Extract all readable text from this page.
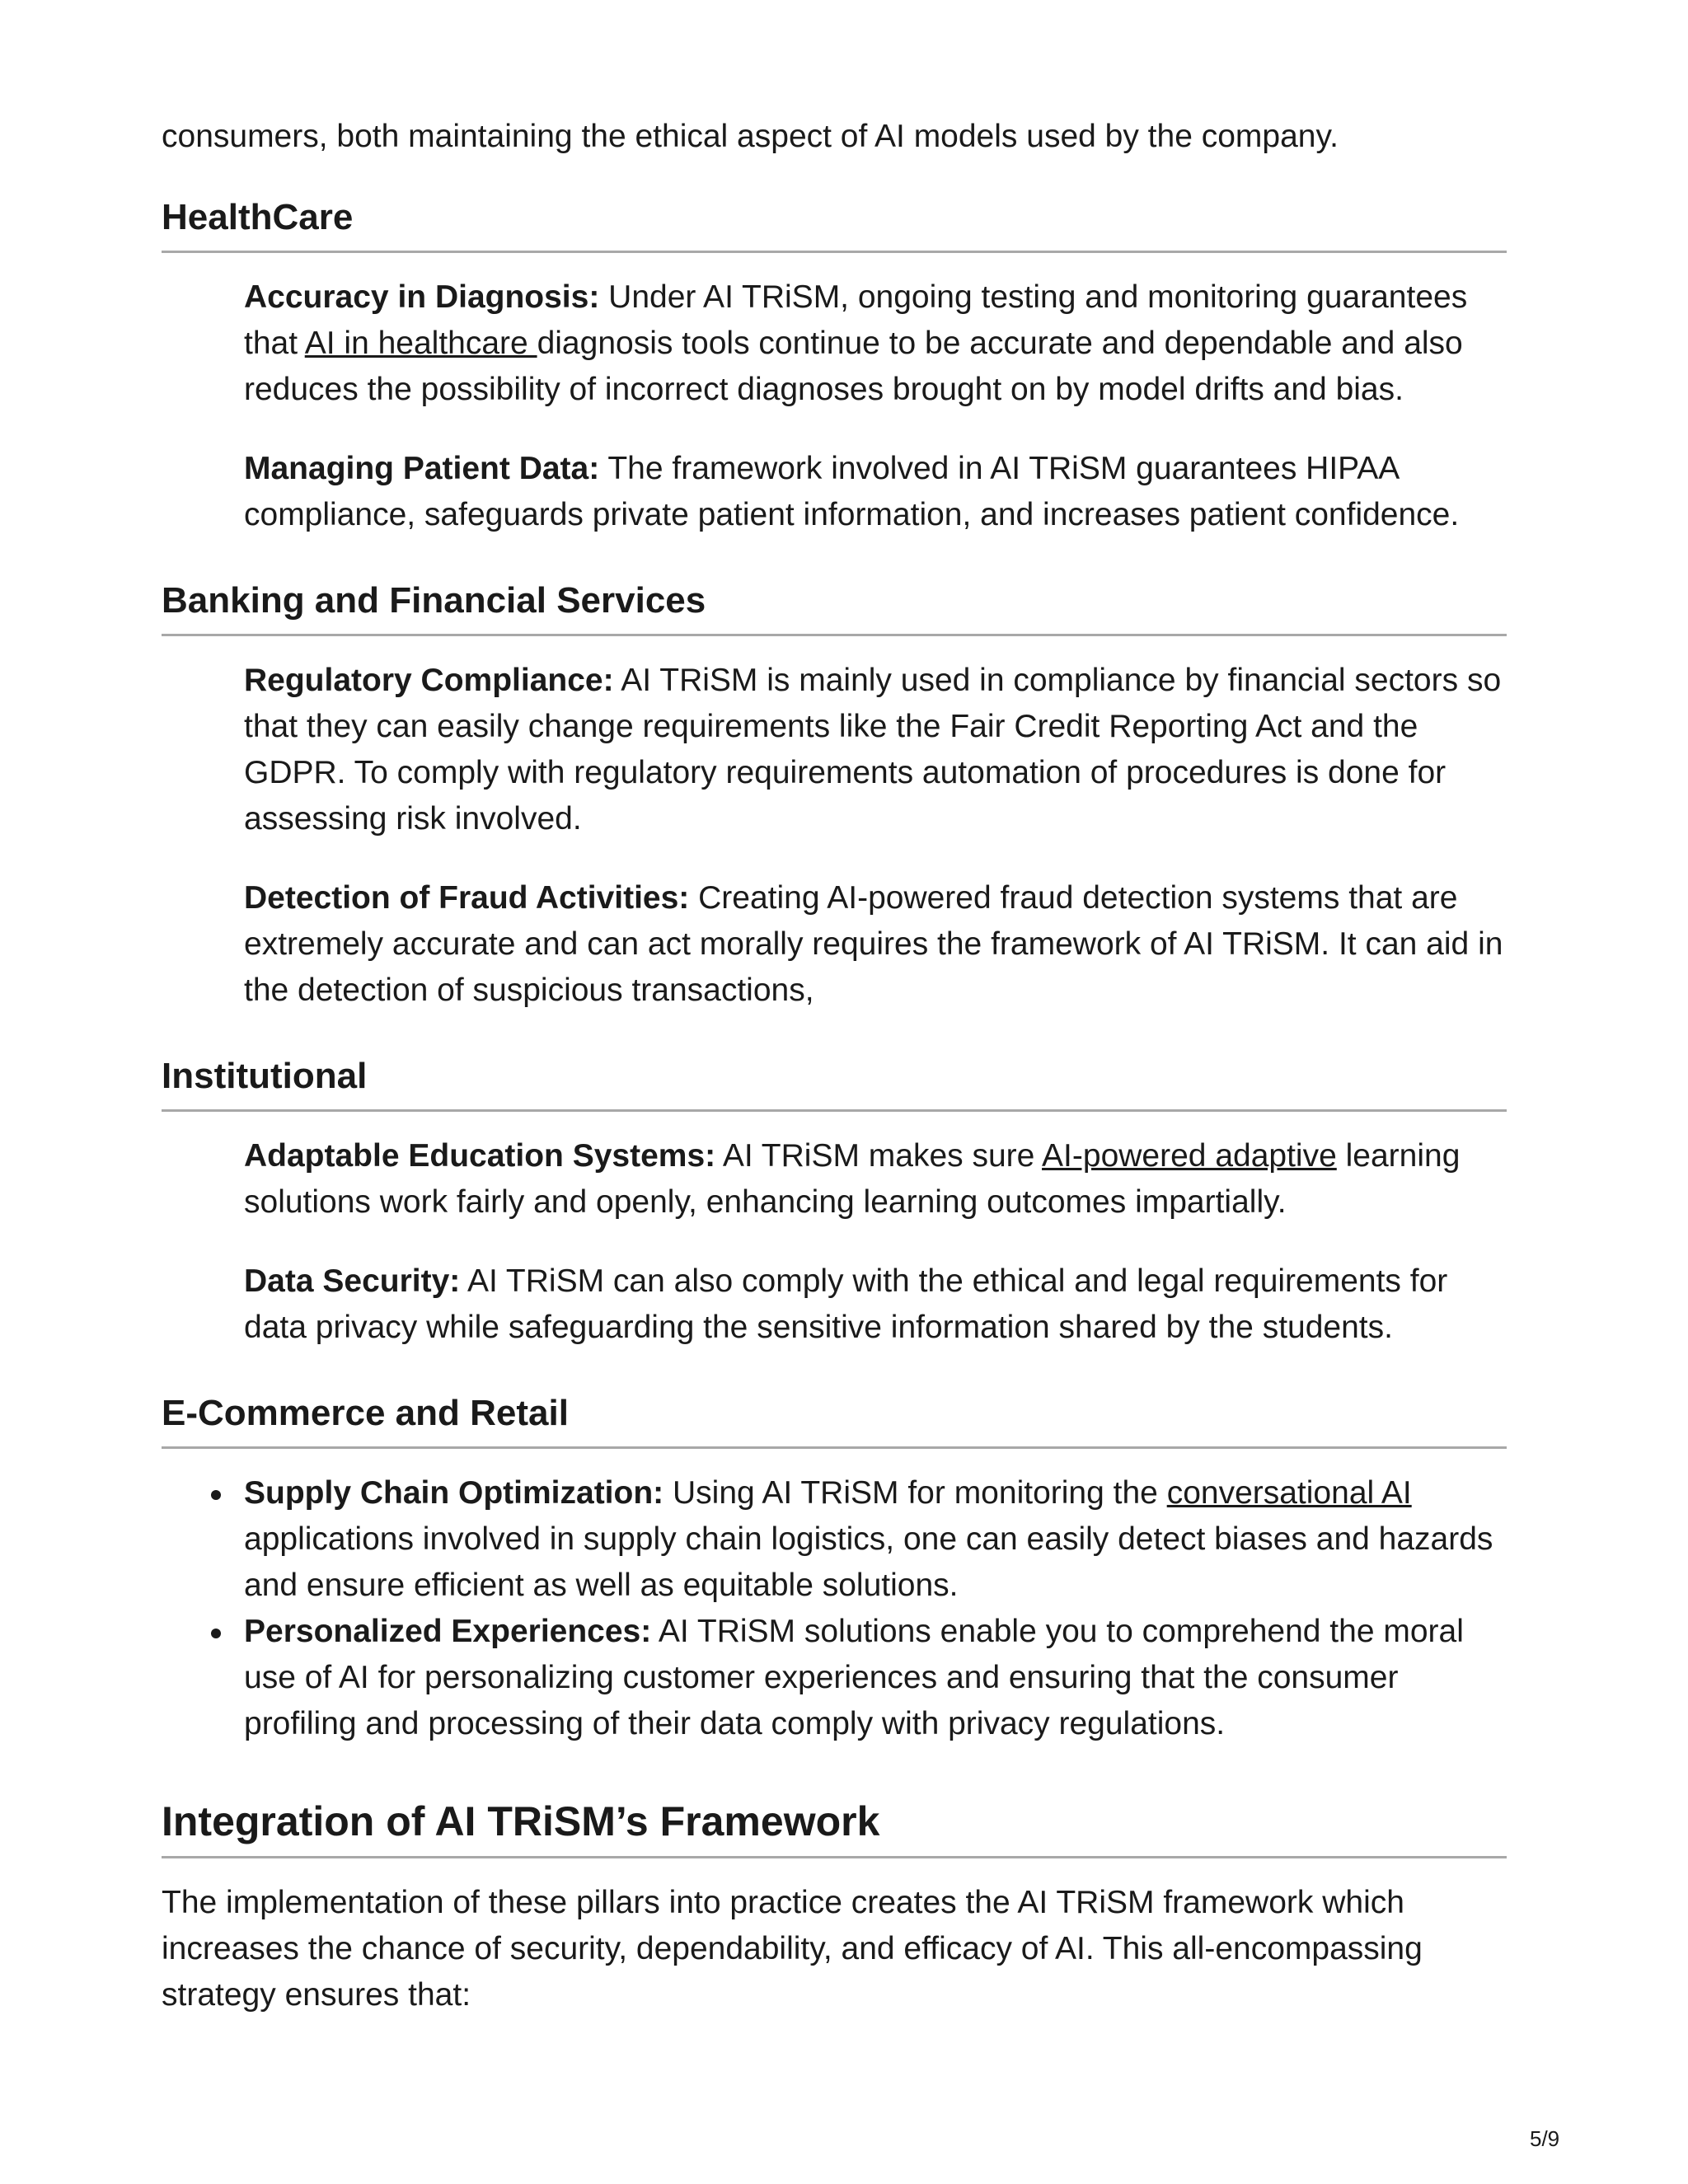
consumers, both maintaining the ethical aspect of AI models used by the company.

HealthCare

Accuracy in Diagnosis: Under AI TRiSM, ongoing testing and monitoring guarantees that AI in healthcare diagnosis tools continue to be accurate and dependable and also reduces the possibility of incorrect diagnoses brought on by model drifts and bias.

Managing Patient Data: The framework involved in AI TRiSM guarantees HIPAA compliance, safeguards private patient information, and increases patient confidence.

Banking and Financial Services

Regulatory Compliance: AI TRiSM is mainly used in compliance by financial sectors so that they can easily change requirements like the Fair Credit Reporting Act and the GDPR. To comply with regulatory requirements automation of procedures is done for assessing risk involved.

Detection of Fraud Activities: Creating AI-powered fraud detection systems that are extremely accurate and can act morally requires the framework of AI TRiSM. It can aid in the detection of suspicious transactions,

Institutional

Adaptable Education Systems: AI TRiSM makes sure AI-powered adaptive learning solutions work fairly and openly, enhancing learning outcomes impartially.

Data Security: AI TRiSM can also comply with the ethical and legal requirements for data privacy while safeguarding the sensitive information shared by the students.

E-Commerce and Retail
Supply Chain Optimization: Using AI TRiSM for monitoring the conversational AI applications involved in supply chain logistics, one can easily detect biases and hazards and ensure efficient as well as equitable solutions.
Personalized Experiences: AI TRiSM solutions enable you to comprehend the moral use of AI for personalizing customer experiences and ensuring that the consumer profiling and processing of their data comply with privacy regulations.
Integration of AI TRiSM’s Framework

The implementation of these pillars into practice creates the AI TRiSM framework which increases the chance of security, dependability, and efficacy of AI. This all-encompassing strategy ensures that:

5/9
